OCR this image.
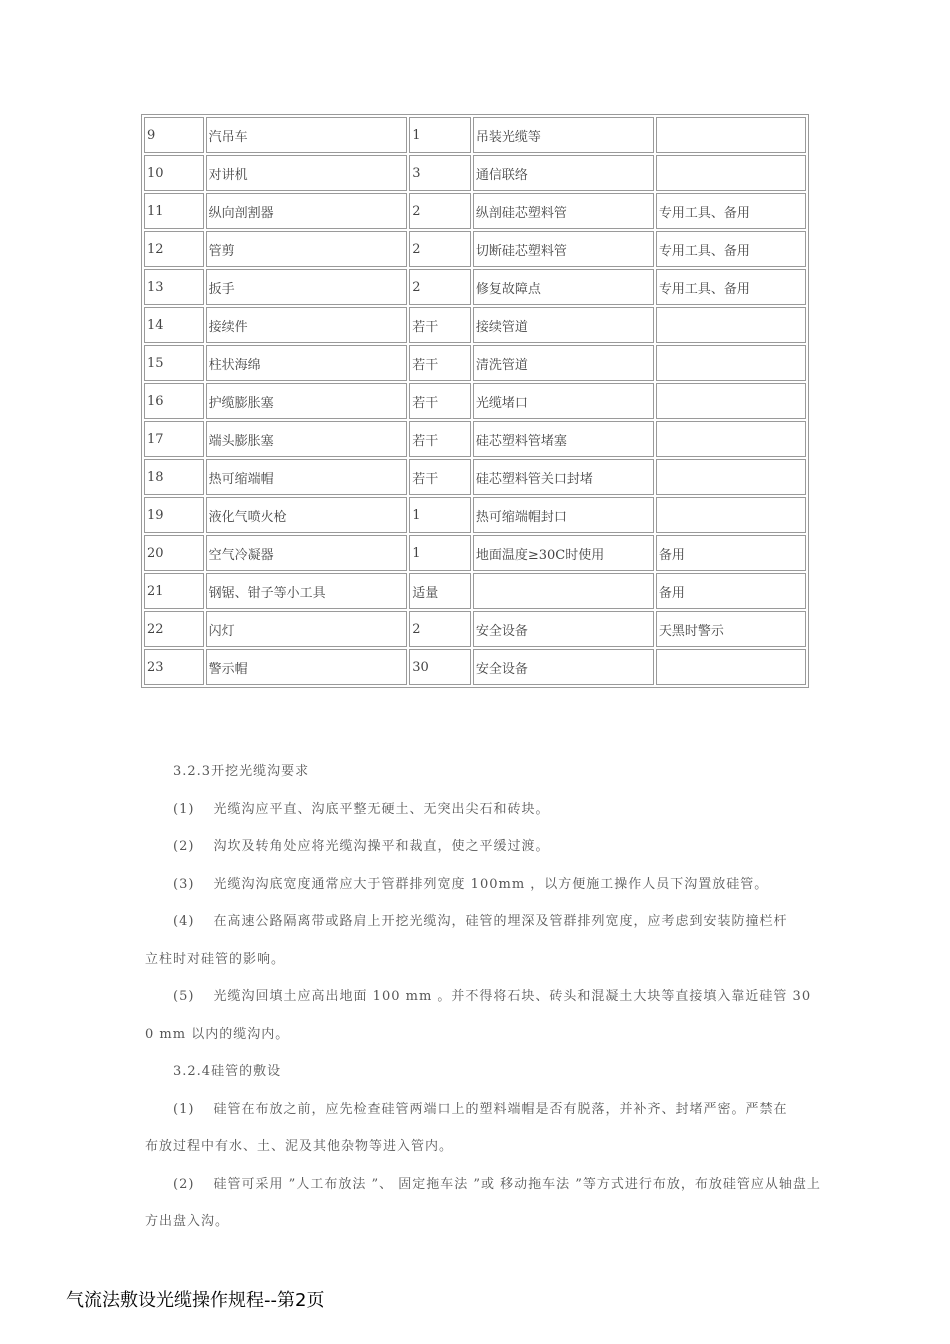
9	汽吊车	1	吊装光缆等	
10	对讲机	3	通信联络	
11	纵向剖割器	2	纵剖硅芯塑料管	专用工具、备用
12	管剪	2	切断硅芯塑料管	专用工具、备用
13	扳手	2	修复故障点	专用工具、备用
14	接续件	若干	接续管道	
15	柱状海绵	若干	清洗管道	
16	护缆膨胀塞	若干	光缆堵口	
17	端头膨胀塞	若干	硅芯塑料管堵塞	
18	热可缩端帽	若干	硅芯塑料管关口封堵	
19	液化气喷火枪	1	热可缩端帽封口	
20	空气冷凝器	1	地面温度≥30C时使用	备用
21	钢锯、钳子等小工具	适量		备用
22	闪灯	2	安全设备	天黑时警示
23	警示帽	30	安全设备	

3.2.3开挖光缆沟要求

(1)　 光缆沟应平直、沟底平整无硬土、无突出尖石和砖块。

(2)　 沟坎及转角处应将光缆沟操平和裁直，使之平缓过渡。

(3)　 光缆沟沟底宽度通常应大于管群排列宽度 100mm ，以方便施工操作人员下沟置放硅管。

(4)　 在高速公路隔离带或路肩上开挖光缆沟，硅管的埋深及管群排列宽度，应考虑到安装防撞栏杆

立柱时对硅管的影响。

(5)　 光缆沟回填土应高出地面 100 mm 。并不得将石块、砖头和混凝土大块等直接填入靠近硅管 30

0 mm 以内的缆沟内。

3.2.4硅管的敷设

(1)　 硅管在布放之前，应先检查硅管两端口上的塑料端帽是否有脱落，并补齐、封堵严密。严禁在

布放过程中有水、土、泥及其他杂物等进入管内。

(2)　 硅管可采用 ”人工布放法 ”、 固定拖车法 ”或 移动拖车法 ”等方式进行布放，布放硅管应从轴盘上

方出盘入沟。

气流法敷设光缆操作规程--第2页
